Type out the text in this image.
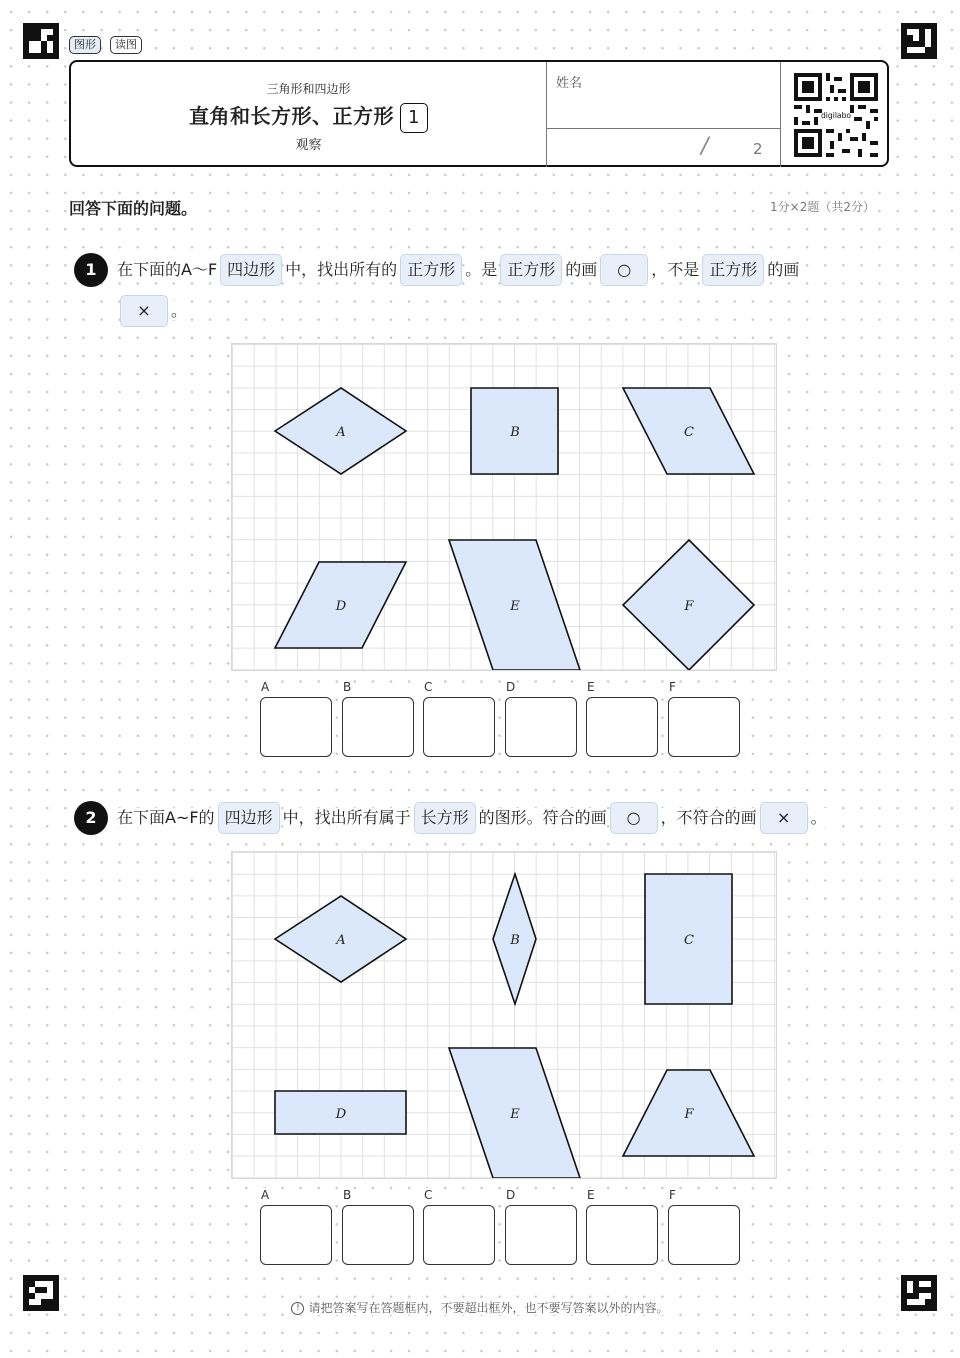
图形	读图
三角形和四边形
直角和长方形、正方形 1
观察
姓名
/	2
digilabo
回答下面的问题。	1分×2题（共2分）
1	在下面的A～F 四边形 中，找出所有的 正方形 。是 正方形 的画 ○ ，不是 正方形 的画
× 。
A	B	C
D	E	F
A	B	C	D	E	F
2	在下面A~F的 四边形 中，找出所有属于 长方形 的图形。符合的画 ○ ，不符合的画 × 。
A	B	C
D	E	F
A	B	C	D	E	F
! 请把答案写在答题框内，不要超出框外，也不要写答案以外的内容。
